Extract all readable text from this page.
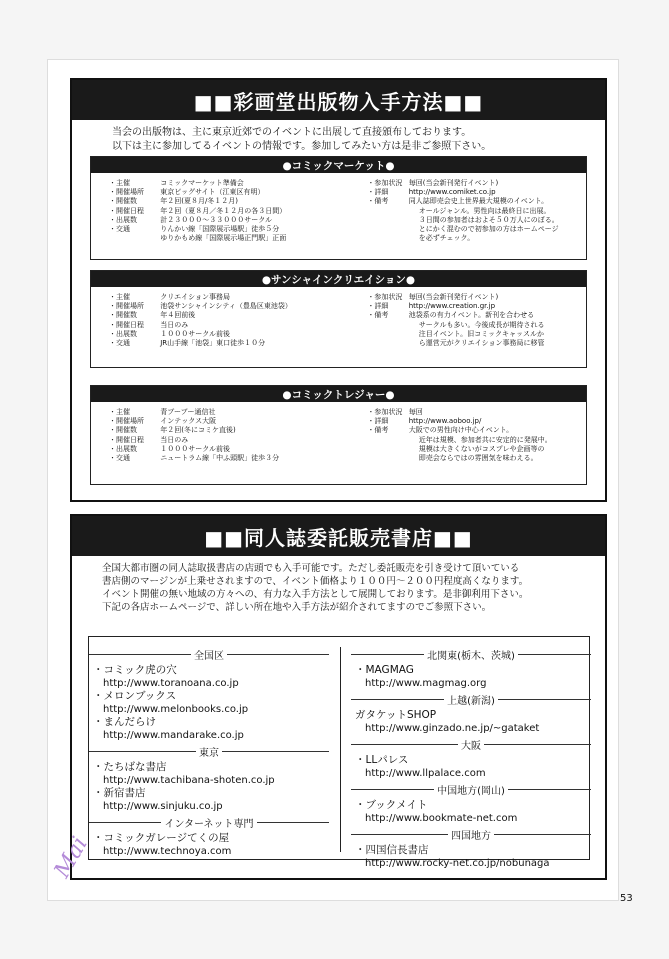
■■彩画堂出版物入手方法■■
当会の出版物は、主に東京近郊でのイベントに出展して直接頒布しております。
以下は主に参加してるイベントの情報です。参加してみたい方は是非ご参照下さい。
●コミックマーケット●
・主催
・開催場所
・開催数
・開催日程
・出展数
・交通
コミックマーケット準備会
東京ビッグサイト（江東区有明）
年２回(夏８月/冬１２月)
年２回（夏８月／冬１２月の各３日間）
計２３０００〜３３０００サークル
りんかい線「国際展示場駅」徒歩５分
ゆりかもめ線「国際展示場正門駅」正面
・参加状況
・詳細
・備考
毎回(当会新刊発行イベント)
http://www.comiket.co.jp
同人誌即売会史上世界最大規模のイベント。
オールジャンル。男性向は最終日に出展。
３日間の参加者はおよそ５０万人にのぼる。
とにかく混むので初参加の方はホームページ
を必ずチェック。
●サンシャインクリエイション●
・主催
・開催場所
・開催数
・開催日程
・出展数
・交通
クリエイション事務局
池袋サンシャインシティ（豊島区東池袋）
年４回前後
当日のみ
１０００サークル前後
JR山手線「池袋」東口徒歩１０分
・参加状況
・詳細
・備考
毎回(当会新刊発行イベント)
http://www.creation.gr.jp
池袋系の有力イベント。新刊を合わせる
サークルも多い。今後成長が期待される
注目イベント。旧コミックキャッスルか
ら運営元がクリエイション事務局に移管
●コミックトレジャー●
・主催
・開催場所
・開催数
・開催日程
・出展数
・交通
青ブーブー通信社
インテックス大阪
年２回(冬にコミケ直後)
当日のみ
１０００サークル前後
ニュートラム線「中ふ頭駅」徒歩３分
・参加状況
・詳細
・備考
毎回
http://www.aoboo.jp/
大阪での男性向け中心イベント。
近年は規模、参加者共に安定的に発展中。
規模は大きくないがコスプレや企画等の
即売会ならではの雰囲気を味わえる。
■■同人誌委託販売書店■■
全国大都市圏の同人誌取扱書店の店頭でも入手可能です。ただし委託販売を引き受けて頂いている
書店側のマージンが上乗せされますので、イベント価格より１００円〜２００円程度高くなります。
イベント開催の無い地域の方々への、有力な入手方法として展開しております。是非御利用下さい。
下記の各店ホームページで、詳しい所在地や入手方法が紹介されてますのでご参照下さい。
全国区
・コミック虎の穴
http://www.toranoana.co.jp
・メロンブックス
http://www.melonbooks.co.jp
・まんだらけ
http://www.mandarake.co.jp
東京
・たちばな書店
http://www.tachibana-shoten.co.jp
・新宿書店
http://www.sinjuku.co.jp
インターネット専門
・コミックガレージてくの屋
http://www.technoya.com
北関東(栃木、茨城)
・MAGMAG
http://www.magmag.org
上越(新潟)
ガタケットSHOP
http://www.ginzado.ne.jp/~gataket
大阪
・LLパレス
http://www.llpalace.com
中国地方(岡山)
・ブックメイト
http://www.bookmate-net.com
四国地方
・四国信長書店
http://www.rocky-net.co.jp/nobunaga
Mai
53
